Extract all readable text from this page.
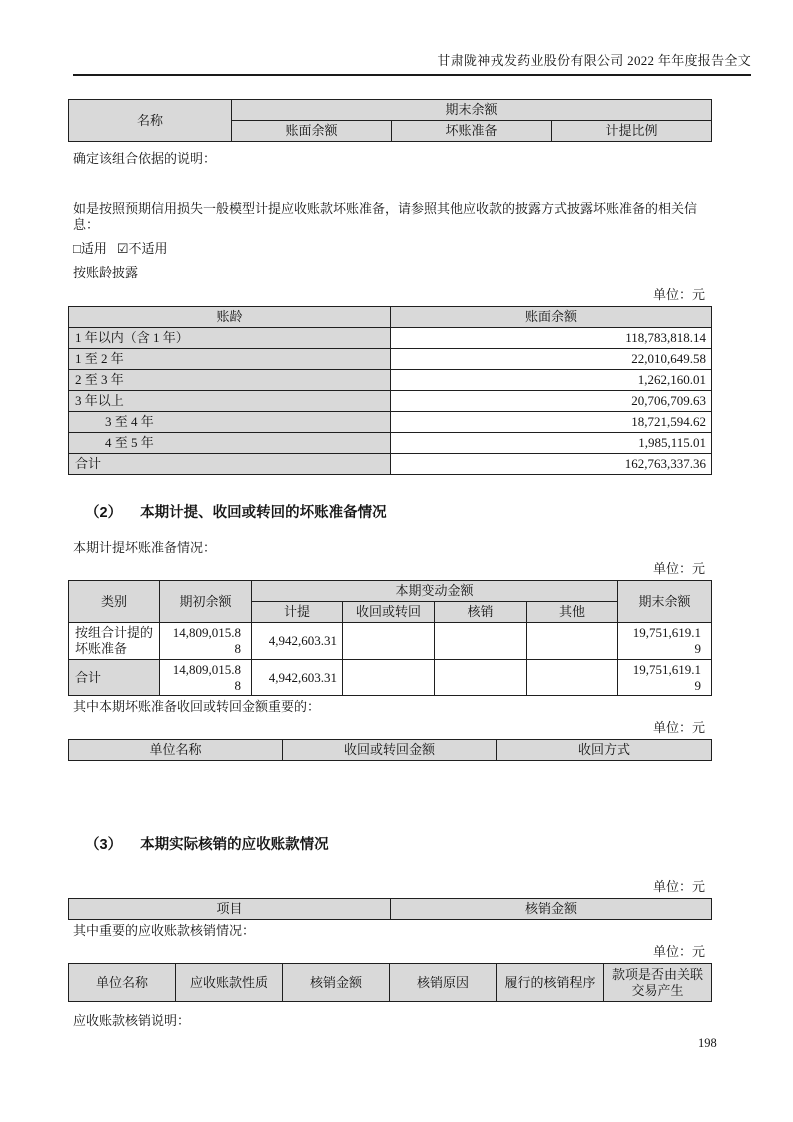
甘肃陇神戎发药业股份有限公司 2022 年年度报告全文
名称	期末余额		
	账面余额	坏账准备	计提比例

确定该组合依据的说明：

如是按照预期信用损失一般模型计提应收账款坏账准备，请参照其他应收款的披露方式披露坏账准备的相关信息：

□适用 ☑不适用

按账龄披露

单位：元
账龄	账面余额
1 年以内（含 1 年）	118,783,818.14
1 至 2 年	22,010,649.58
2 至 3 年	1,262,160.01
3 年以上	20,706,709.63
3 至 4 年	18,721,594.62
4 至 5 年	1,985,115.01
合计	162,763,337.36
（2） 本期计提、收回或转回的坏账准备情况

本期计提坏账准备情况：

单位：元
类别	期初余额	本期变动金额				期末余额
		计提	收回或转回	核销	其他	
按组合计提的坏账准备	14,809,015.88	4,942,603.31				19,751,619.19
合计	14,809,015.88	4,942,603.31				19,751,619.19

其中本期坏账准备收回或转回金额重要的：

单位：元
单位名称	收回或转回金额	收回方式
（3） 本期实际核销的应收账款情况
单位：元
项目	核销金额

其中重要的应收账款核销情况：

单位：元
单位名称	应收账款性质	核销金额	核销原因	履行的核销程序	款项是否由关联交易产生

应收账款核销说明：

198
